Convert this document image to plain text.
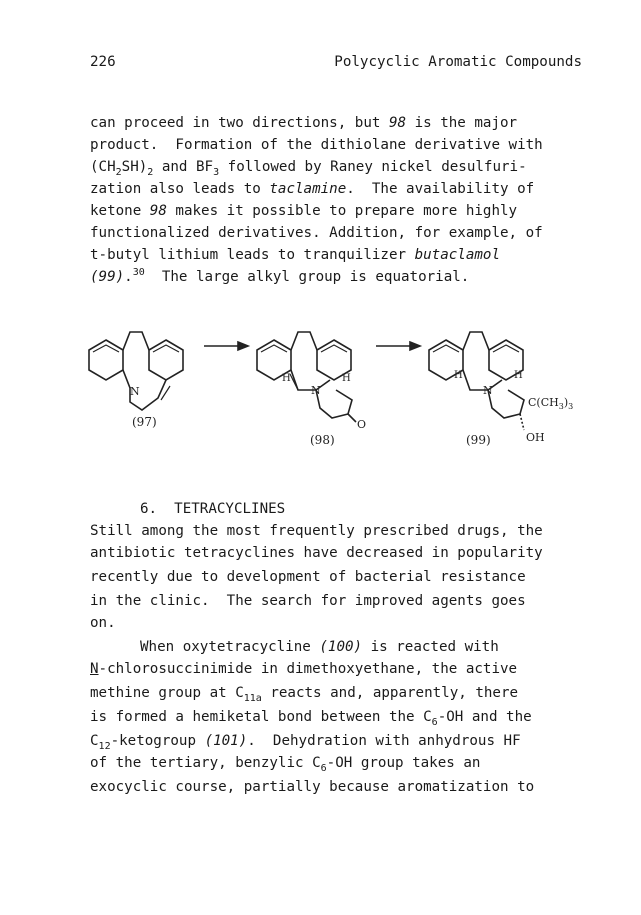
226	Polycyclic Aromatic Compounds
can proceed in two directions, but 98 is the major
product.  Formation of the dithiolane derivative with
$(CH_2SH)_2$ and $BF_3$ followed by Raney nickel desulfuri-
zation also leads to taclamine.  The availability of
ketone 98 makes it possible to prepare more highly
functionalized derivatives. Addition, for example, of
t-butyl lithium leads to tranquilizer butaclamol
(99).$^{30}$  The large alkyl group is equatorial.
N
(97)
N
H	H
O
(98)
N
H	H
$C(CH_3)_3$
OH
(99)
6.  TETRACYCLINES
Still among the most frequently prescribed drugs, the
antibiotic tetracyclines have decreased in popularity
recently due to development of bacterial resistance
in the clinic.  The search for improved agents goes
on.
When oxytetracycline (100) is reacted with
N-chlorosuccinimide in dimethoxyethane, the active
methine group at $C_{11a}$ reacts and, apparently, there
is formed a hemiketal bond between the $C_6-OH$ and the
$C_{12}$-ketogroup (101).  Dehydration with anhydrous HF
of the tertiary, benzylic $C_6-OH$ group takes an
exocyclic course, partially because aromatization to
